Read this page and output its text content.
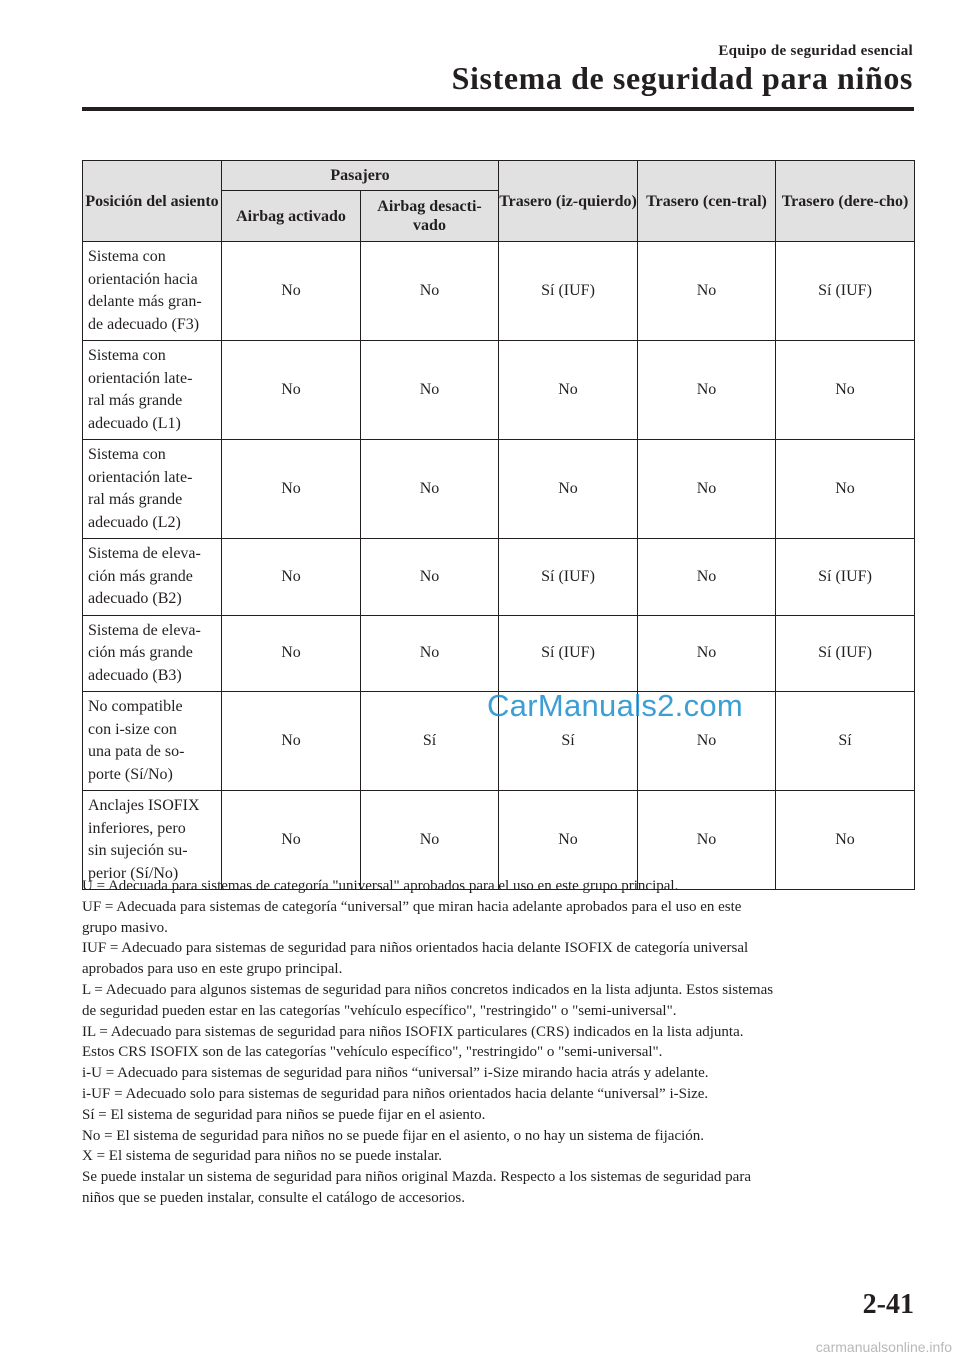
Equipo de seguridad esencial
Sistema de seguridad para niños
Posición del asiento	Pasajero		Trasero (iz-quierdo)	Trasero (cen-tral)	Trasero (dere-cho)
	Airbag activado	Airbag desacti-vado			

Sistema con
orientación hacia
delante más gran-
de adecuado (F3)	No	No	Sí (IUF)	No	Sí (IUF)

Sistema con
orientación late-
ral más grande
adecuado (L1)	No	No	No	No	No

Sistema con
orientación late-
ral más grande
adecuado (L2)	No	No	No	No	No

Sistema de eleva-
ción más grande
adecuado (B2)	No	No	Sí (IUF)	No	Sí (IUF)

Sistema de eleva-
ción más grande
adecuado (B3)	No	No	Sí (IUF)	No	Sí (IUF)

No compatible
con i-size con
una pata de so-
porte (Sí/No)	No	Sí	Sí	No	Sí

Anclajes ISOFIX
inferiores, pero
sin sujeción su-
perior (Sí/No)	No	No	No	No	No

U = Adecuada para sistemas de categoría "universal" aprobados para el uso en este grupo principal.

UF = Adecuada para sistemas de categoría “universal” que miran hacia adelante aprobados para el uso en este

grupo masivo.

IUF = Adecuado para sistemas de seguridad para niños orientados hacia delante ISOFIX de categoría universal

aprobados para uso en este grupo principal.

L = Adecuado para algunos sistemas de seguridad para niños concretos indicados en la lista adjunta. Estos sistemas

de seguridad pueden estar en las categorías "vehículo específico", "restringido" o "semi-universal".

IL = Adecuado para sistemas de seguridad para niños ISOFIX particulares (CRS) indicados en la lista adjunta.

Estos CRS ISOFIX son de las categorías "vehículo específico", "restringido" o "semi-universal".

i-U = Adecuado para sistemas de seguridad para niños “universal” i-Size mirando hacia atrás y adelante.

i-UF = Adecuado solo para sistemas de seguridad para niños orientados hacia delante “universal” i-Size.

Sí = El sistema de seguridad para niños se puede fijar en el asiento.

No = El sistema de seguridad para niños no se puede fijar en el asiento, o no hay un sistema de fijación.

X = El sistema de seguridad para niños no se puede instalar.

Se puede instalar un sistema de seguridad para niños original Mazda. Respecto a los sistemas de seguridad para

niños que se pueden instalar, consulte el catálogo de accesorios.

CarManuals2.com
2-41
carmanualsonline.info
